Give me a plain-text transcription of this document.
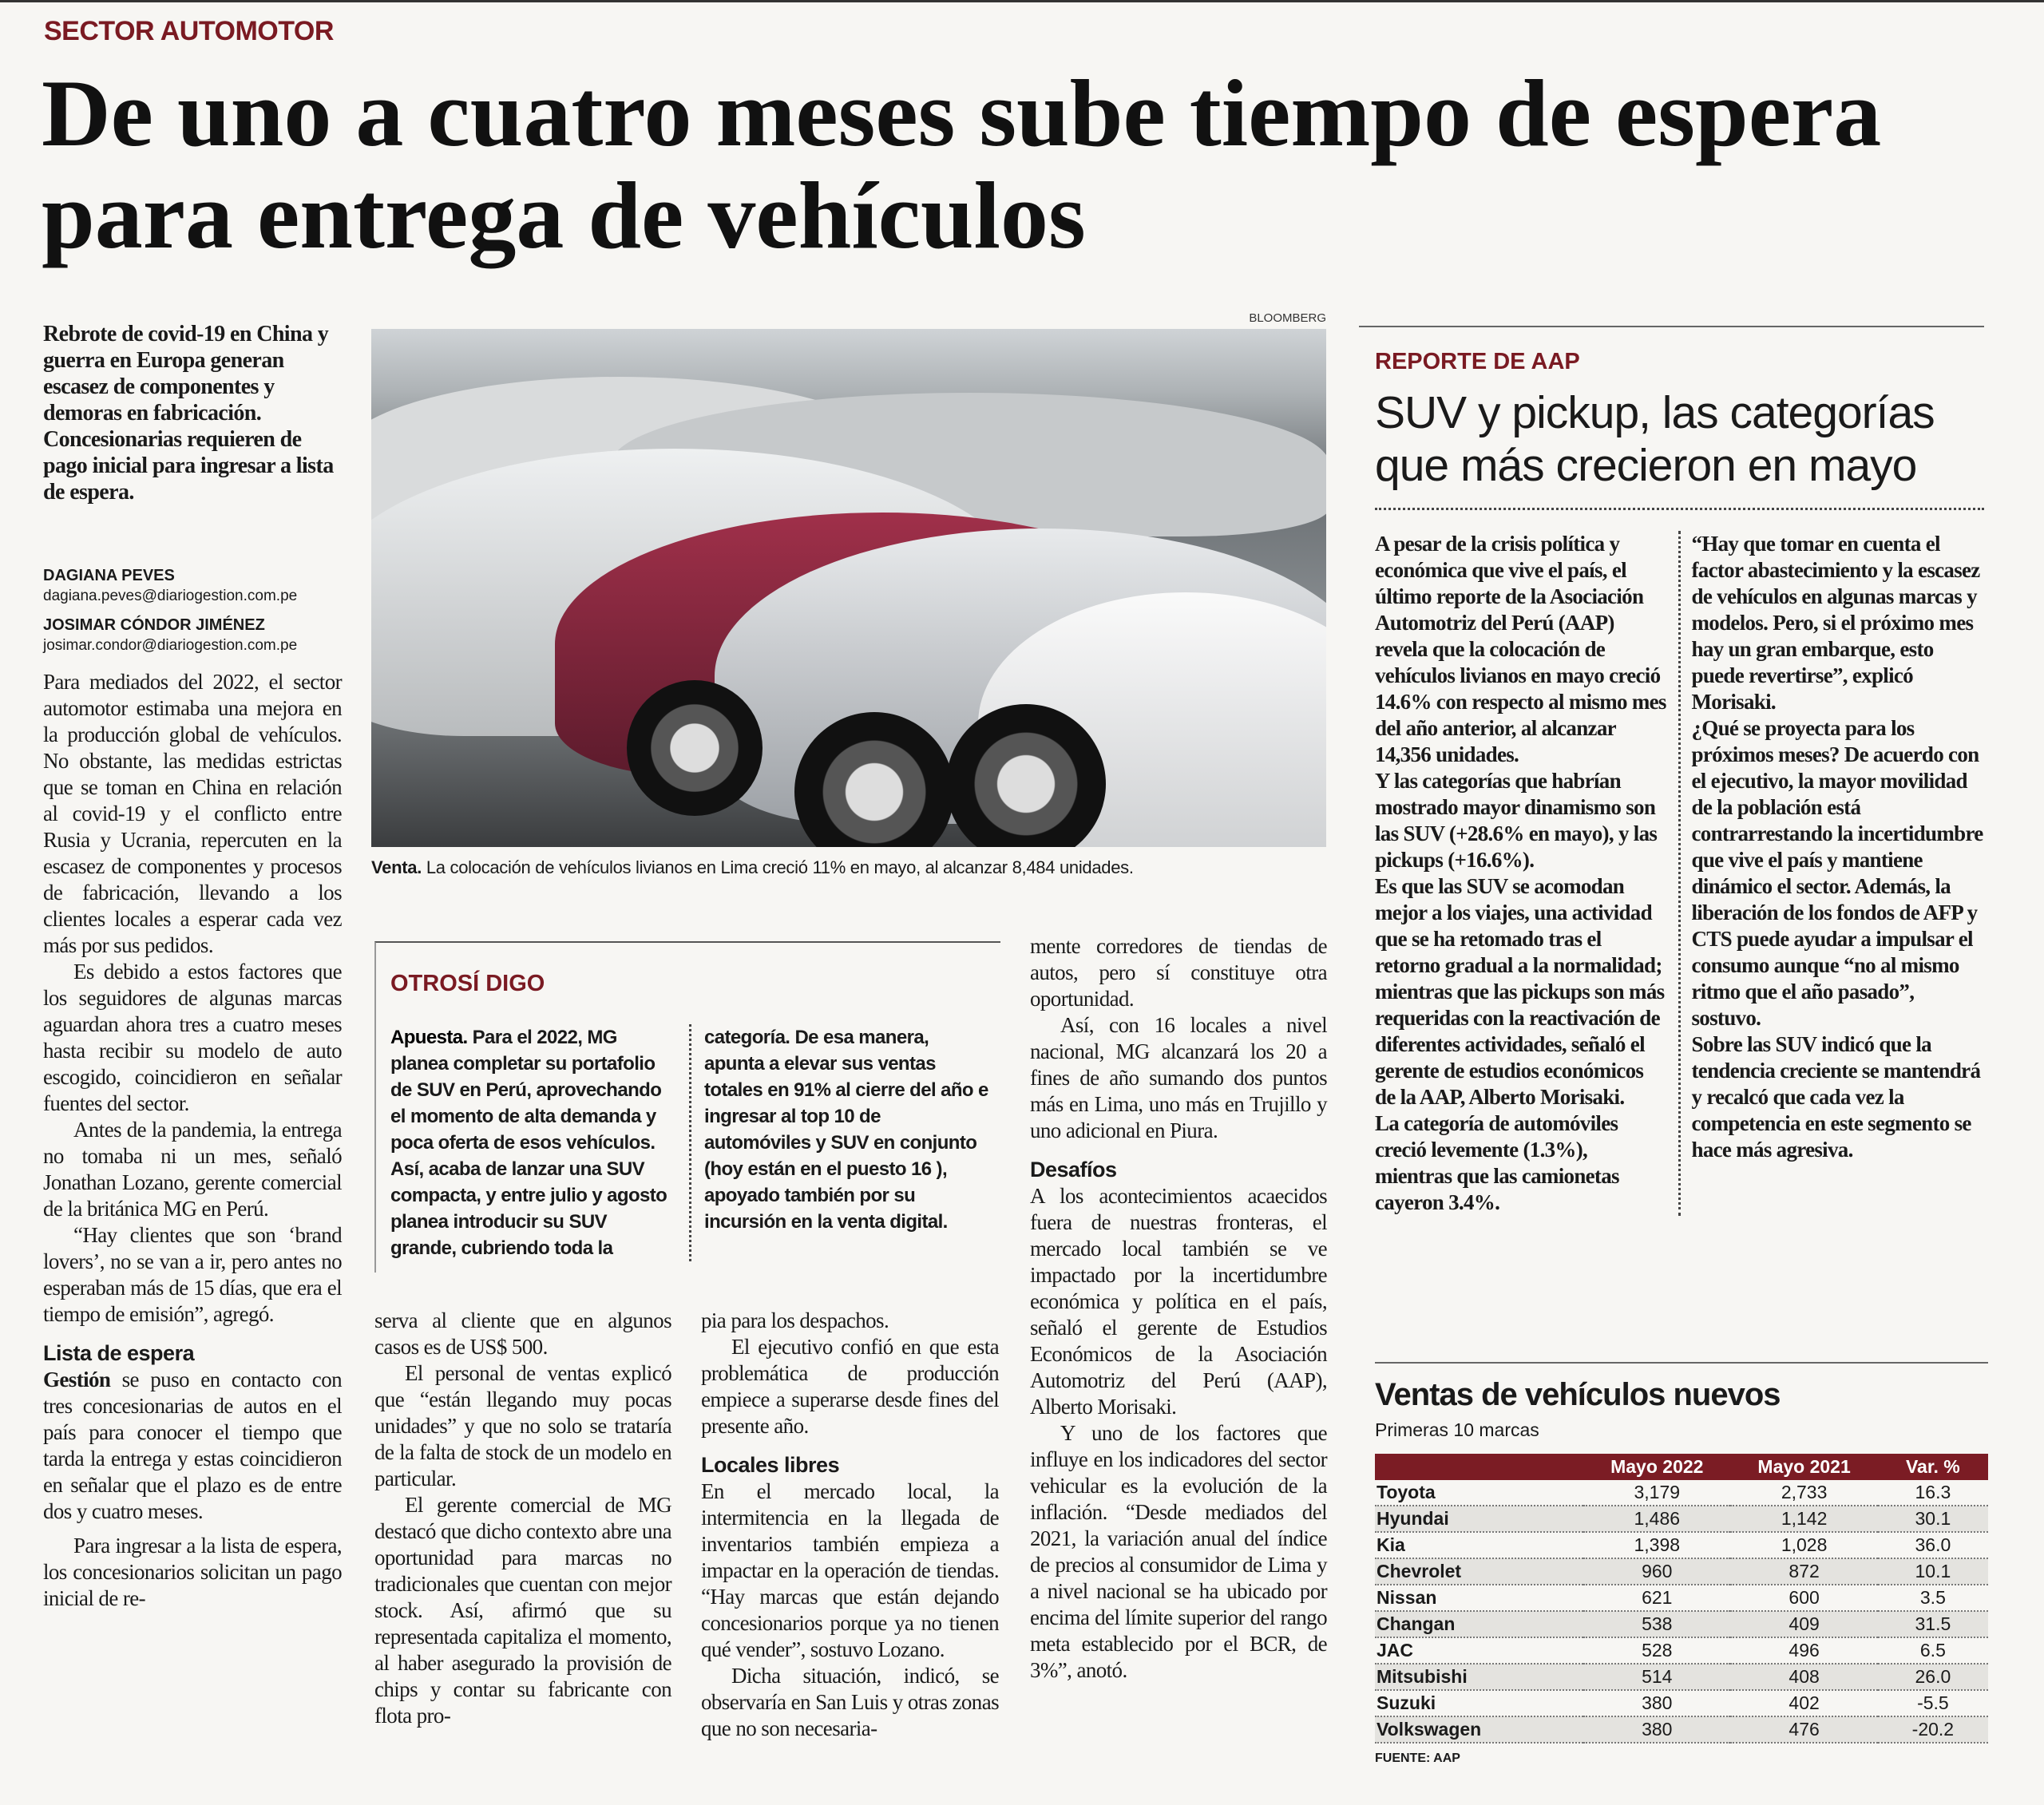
SECTOR AUTOMOTOR
De uno a cuatro meses sube tiempo de espera para entrega de vehículos
Rebrote de covid-19 en China y guerra en Europa generan escasez de componentes y demoras en fabricación. Concesionarias requieren de pago inicial para ingresar a lista de espera.
DAGIANA PEVES
dagiana.peves@diariogestion.com.pe
JOSIMAR CÓNDOR JIMÉNEZ
josimar.condor@diariogestion.com.pe
BLOOMBERG
Venta. La colocación de vehículos livianos en Lima creció 11% en mayo, al alcanzar 8,484 unidades.

Para mediados del 2022, el sector automotor estimaba una mejora en la producción global de vehículos. No obstante, las medidas estrictas que se toman en China en relación al covid-19 y el conflicto entre Rusia y Ucrania, repercuten en la escasez de componentes y procesos de fabricación, llevando a los clientes locales a esperar cada vez más por sus pedidos.

Es debido a estos factores que los seguidores de algunas marcas aguardan ahora tres a cuatro meses hasta recibir su modelo de auto escogido, coincidieron en señalar fuentes del sector.

Antes de la pandemia, la entrega no tomaba ni un mes, señaló Jonathan Lozano, gerente comercial de la británica MG en Perú.

“Hay clientes que son ‘brand lovers’, no se van a ir, pero antes no esperaban más de 15 días, que era el tiempo de emisión”, agregó.

Lista de espera

Gestión se puso en contacto con tres concesionarias de autos en el país para conocer el tiempo que tarda la entrega y estas coincidieron en señalar que el plazo es de entre dos y cuatro meses.

Para ingresar a la lista de espera, los concesionarios solicitan un pago inicial de re-

OTROSÍ DIGO
Apuesta. Para el 2022, MG planea completar su portafolio de SUV en Perú, aprovechando el momento de alta demanda y poca oferta de esos vehículos. Así, acaba de lanzar una SUV compacta, y entre julio y agosto planea introducir su SUV grande, cubriendo toda la categoría. De esa manera, apunta a elevar sus ventas totales en 91% al cierre del año e ingresar al top 10 de automóviles y SUV en conjunto (hoy están en el puesto 16 ), apoyado también por su incursión en la venta digital.

serva al cliente que en algunos casos es de US$ 500.

El personal de ventas explicó que “están llegando muy pocas unidades” y que no solo se trataría de la falta de stock de un modelo en particular.

El gerente comercial de MG destacó que dicho contexto abre una oportunidad para marcas no tradicionales que cuentan con mejor stock. Así, afirmó que su representada capitaliza el momento, al haber asegurado la provisión de chips y contar su fabricante con flota pro-

pia para los despachos.

El ejecutivo confió en que esta problemática de producción empiece a superarse desde fines del presente año.

Locales libres

En el mercado local, la intermitencia en la llegada de inventarios también empieza a impactar en la operación de tiendas. “Hay marcas que están dejando concesionarios porque ya no tienen qué vender”, sostuvo Lozano.

Dicha situación, indicó, se observaría en San Luis y otras zonas que no son necesaria-

mente corredores de tiendas de autos, pero sí constituye otra oportunidad.

Así, con 16 locales a nivel nacional, MG alcanzará los 20 a fines de año sumando dos puntos más en Lima, uno más en Trujillo y uno adicional en Piura.

Desafíos

A los acontecimientos acaecidos fuera de nuestras fronteras, el mercado local también se ve impactado por la incertidumbre económica y política en el país, señaló el gerente de Estudios Económicos de la Asociación Automotriz del Perú (AAP), Alberto Morisaki.

Y uno de los factores que influye en los indicadores del sector vehicular es la evolución de la inflación. “Desde mediados del 2021, la variación anual del índice de precios al consumidor de Lima y a nivel nacional se ha ubicado por encima del límite superior del rango meta establecido por el BCR, de 3%”, anotó.

REPORTE DE AAP
SUV y pickup, las categorías que más crecieron en mayo

A pesar de la crisis política y económica que vive el país, el último reporte de la Asociación Automotriz del Perú (AAP) revela que la colocación de vehículos livianos en mayo creció 14.6% con respecto al mismo mes del año anterior, al alcanzar 14,356 unidades.

Y las categorías que habrían mostrado mayor dinamismo son las SUV (+28.6% en mayo), y las pickups (+16.6%).

Es que las SUV se acomodan mejor a los viajes, una actividad que se ha retomado tras el retorno gradual a la normalidad; mientras que las pickups son más requeridas con la reactivación de diferentes actividades, señaló el gerente de estudios económicos de la AAP, Alberto Morisaki.

La categoría de automóviles creció levemente (1.3%), mientras que las camionetas cayeron 3.4%.

“Hay que tomar en cuenta el factor abastecimiento y la escasez de vehículos en algunas marcas y modelos. Pero, si el próximo mes hay un gran embarque, esto puede revertirse”, explicó Morisaki.

¿Qué se proyecta para los próximos meses? De acuerdo con el ejecutivo, la mayor movilidad de la población está contrarrestando la incertidumbre que vive el país y mantiene dinámico el sector. Además, la liberación de los fondos de AFP y CTS puede ayudar a impulsar el consumo aunque “no al mismo ritmo que el año pasado”, sostuvo.

Sobre las SUV indicó que la tendencia creciente se mantendrá y recalcó que cada vez la competencia en este segmento se hace más agresiva.

Ventas de vehículos nuevos
Primeras 10 marcas
	Mayo 2022	Mayo 2021	Var. %
Toyota	3,179	2,733	16.3
Hyundai	1,486	1,142	30.1
Kia	1,398	1,028	36.0
Chevrolet	960	872	10.1
Nissan	621	600	3.5
Changan	538	409	31.5
JAC	528	496	6.5
Mitsubishi	514	408	26.0
Suzuki	380	402	-5.5
Volkswagen	380	476	-20.2
FUENTE: AAP
